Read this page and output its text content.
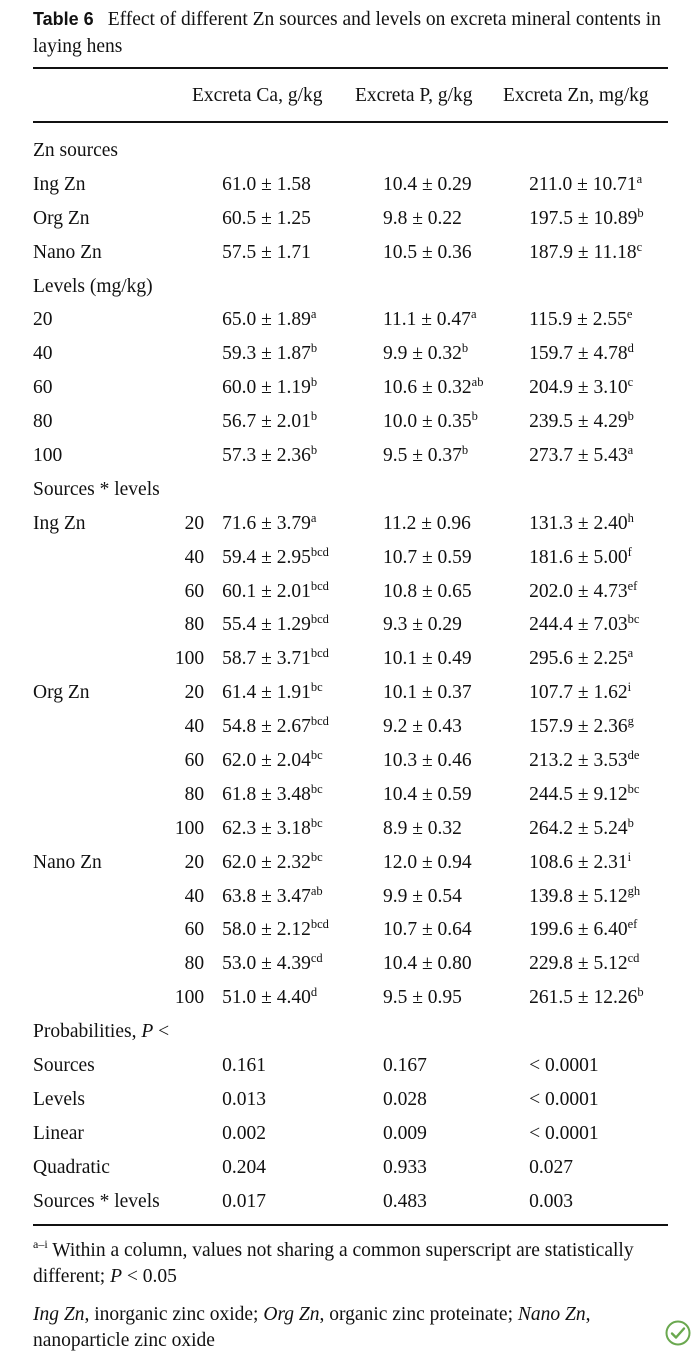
Table 6 Effect of different Zn sources and levels on excreta mineral contents in laying hens
Excreta Ca, g/kg Excreta P, g/kg Excreta Zn, mg/kg
Zn sources				
Ing Zn		61.0 ± 1.58	10.4 ± 0.29	211.0 ± 10.71$^a$
Org Zn		60.5 ± 1.25	9.8 ± 0.22	197.5 ± 10.89$^b$
Nano Zn		57.5 ± 1.71	10.5 ± 0.36	187.9 ± 11.18$^c$
Levels (mg/kg)				
20		65.0 ± 1.89$^a$	11.1 ± 0.47$^a$	115.9 ± 2.55$^e$
40		59.3 ± 1.87$^b$	9.9 ± 0.32$^b$	159.7 ± 4.78$^d$
60		60.0 ± 1.19$^b$	10.6 ± 0.32$^{ab}$	204.9 ± 3.10$^c$
80		56.7 ± 2.01$^b$	10.0 ± 0.35$^b$	239.5 ± 4.29$^b$
100		57.3 ± 2.36$^b$	9.5 ± 0.37$^b$	273.7 ± 5.43$^a$
Sources * levels				
Ing Zn	20	71.6 ± 3.79$^a$	11.2 ± 0.96	131.3 ± 2.40$^h$
	40	59.4 ± 2.95$^{bcd}$	10.7 ± 0.59	181.6 ± 5.00$^f$
	60	60.1 ± 2.01$^{bcd}$	10.8 ± 0.65	202.0 ± 4.73$^{ef}$
	80	55.4 ± 1.29$^{bcd}$	9.3 ± 0.29	244.4 ± 7.03$^{bc}$
	100	58.7 ± 3.71$^{bcd}$	10.1 ± 0.49	295.6 ± 2.25$^a$
Org Zn	20	61.4 ± 1.91$^{bc}$	10.1 ± 0.37	$107.7 \pm 1.62^i$
	40	54.8 ± 2.67$^{bcd}$	9.2 ± 0.43	157.9 ± 2.36$^g$
	60	62.0 ± 2.04$^{bc}$	10.3 ± 0.46	213.2 ± 3.53de
	80	61.8 ± 3.48$^{bc}$	10.4 ± 0.59	244.5 ± 9.12$^{bc}$
	100	62.3 ± 3.18$^{bc}$	8.9 ± 0.32	264.2 ± 5.24$^b$
Nano Zn	20	62.0 ± 2.32$^{bc}$	12.0 ± 0.94	$108.6 \pm 2.31^i$
	40	63.8 ± 3.47$^{ab}$	9.9 ± 0.54	139.8 ± 5.12$^{gh}$
	60	58.0 ± 2.12$^{bcd}$	10.7 ± 0.64	199.6 ± 6.40$^{ef}$
	80	53.0 ± 4.39$^{cd}$	10.4 ± 0.80	229.8 ± 5.12$^{cd}$
	100	51.0 ± 4.40$^d$	9.5 ± 0.95	261.5 ± 12.26$^b$
Probabilities, P <				
Sources		0.161	0.167	< 0.0001
Levels		0.013	0.028	< 0.0001
Linear		0.002	0.009	< 0.0001
Quadratic		0.204	0.933	0.027
Sources * levels		0.017	0.483	0.003
$^{a-i}$ Within a column, values not sharing a common superscript are statistically different; P < 0.05
Ing Zn, inorganic zinc oxide; Org Zn, organic zinc proteinate; Nano Zn, nanoparticle zinc oxide
